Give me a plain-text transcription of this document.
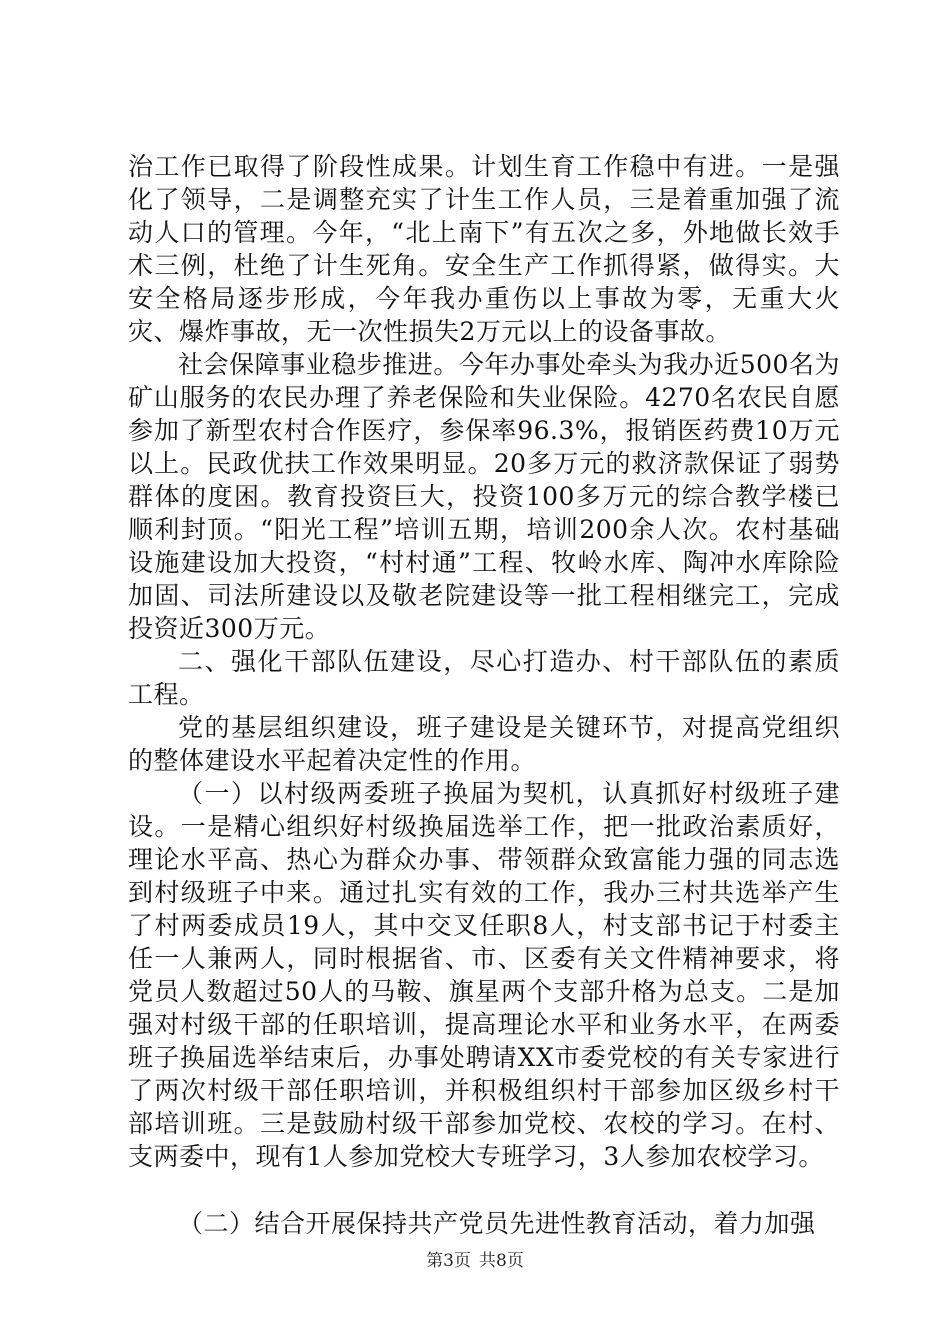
治工作已取得了阶段性成果。计划生育工作稳中有进。一是强化了领导，二是调整充实了计生工作人员，三是着重加强了流动人口的管理。今年，“北上南下”有五次之多，外地做长效手术三例，杜绝了计生死角。安全生产工作抓得紧，做得实。大安全格局逐步形成，今年我办重伤以上事故为零，无重大火灾、爆炸事故，无一次性损失2万元以上的设备事故。

社会保障事业稳步推进。今年办事处牵头为我办近500名为矿山服务的农民办理了养老保险和失业保险。4270名农民自愿参加了新型农村合作医疗，参保率96.3%，报销医药费10万元以上。民政优扶工作效果明显。20多万元的救济款保证了弱势群体的度困。教育投资巨大，投资100多万元的综合教学楼已顺利封顶。“阳光工程”培训五期，培训200余人次。农村基础设施建设加大投资，“村村通”工程、牧岭水库、陶冲水库除险加固、司法所建设以及敬老院建设等一批工程相继完工，完成投资近300万元。

二、强化干部队伍建设，尽心打造办、村干部队伍的素质工程。

党的基层组织建设，班子建设是关键环节，对提高党组织的整体建设水平起着决定性的作用。

（一）以村级两委班子换届为契机，认真抓好村级班子建设。一是精心组织好村级换届选举工作，把一批政治素质好，理论水平高、热心为群众办事、带领群众致富能力强的同志选到村级班子中来。通过扎实有效的工作，我办三村共选举产生了村两委成员19人，其中交叉任职8人，村支部书记于村委主任一人兼两人，同时根据省、市、区委有关文件精神要求，将党员人数超过50人的马鞍、旗星两个支部升格为总支。二是加强对村级干部的任职培训，提高理论水平和业务水平，在两委班子换届选举结束后，办事处聘请XX市委党校的有关专家进行了两次村级干部任职培训，并积极组织村干部参加区级乡村干部培训班。三是鼓励村级干部参加党校、农校的学习。在村、支两委中，现有1人参加党校大专班学习，3人参加农校学习。

（二）结合开展保持共产党员先进性教育活动，着力加强

第3页 共8页
